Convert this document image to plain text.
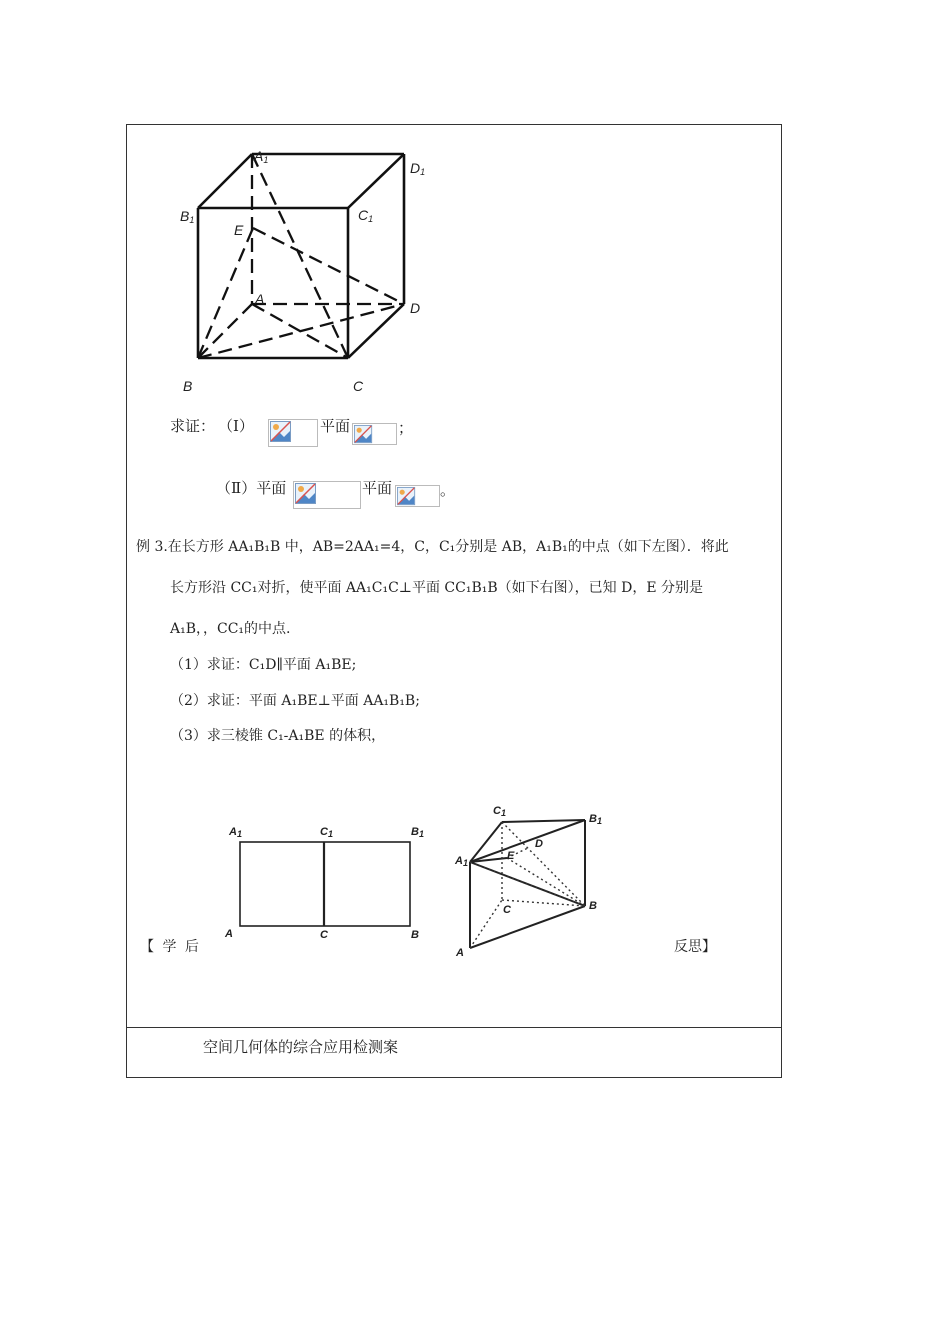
$A_1$	$D_1$
$B_1$	$C_1$
E
A
D
B	C
求证： （Ⅰ）	平面	；
（Ⅱ）平面	平面	。
例 3.在长方形 AA₁B₁B 中，AB=2AA₁=4，C，C₁分别是 AB，A₁B₁的中点（如下左图）．将此
长方形沿 CC₁对折，使平面 AA₁C₁C⊥平面 CC₁B₁B（如下右图），已知 D，E 分别是
A₁B，，CC₁的中点.
（1）求证：C₁D∥平面 A₁BE;
（2）求证：平面 A₁BE⊥平面 AA₁B₁B;
（3）求三棱锥 C₁-A₁BE 的体积，
$A_1$	$C_1$	$B_1$
A	C	B
$C_1$	$B_1$
D
$A_1$
E
C	B
A
【 学 后	反思】
空间几何体的综合应用检测案
